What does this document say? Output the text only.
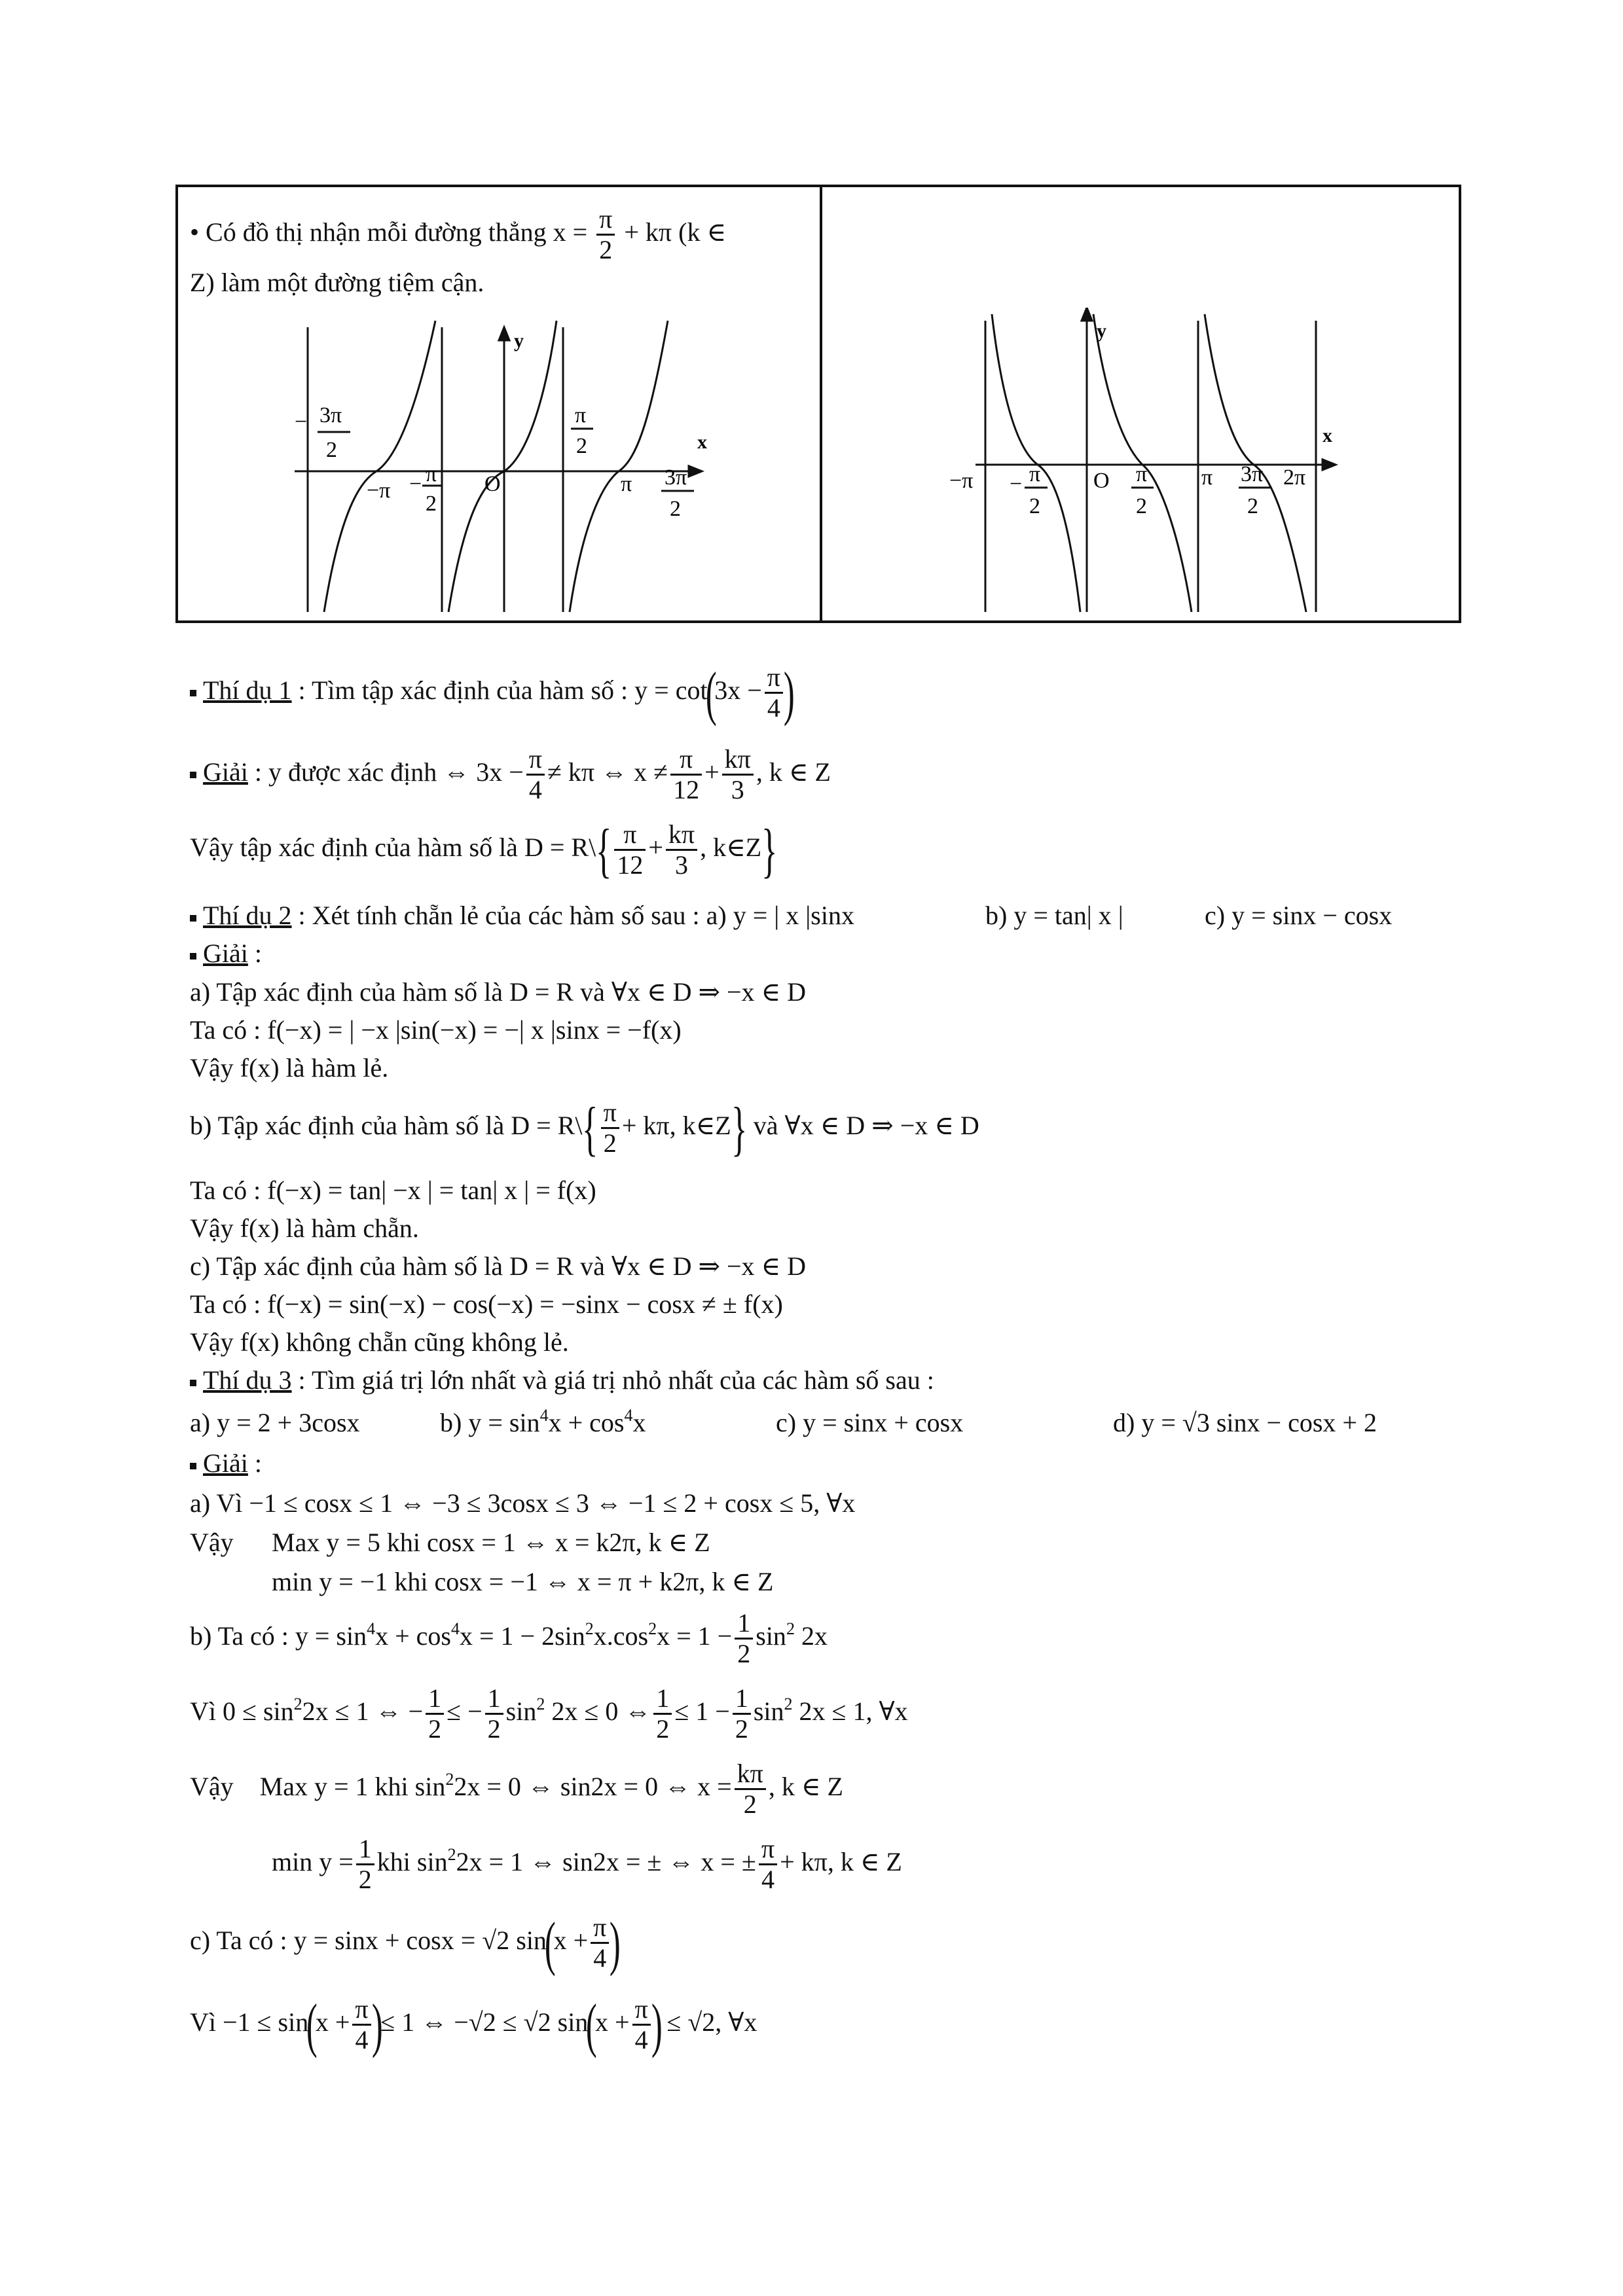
• Có đồ thị nhận mỗi đường thẳng $x = \frac{\pi}{2} + k\pi$ (k ∈
Z) làm một đường tiệm cận.
y
x
O
3π
−
2
−π − π
2
π
2
π 3π
2
y
x
O
−π − π
2
π
2
π 3π
2
2π
Thí dụ 1 : Tìm tập xác định của hàm số : $y = \cot(3x - \frac{\pi}{4}$ )
Giải : y được xác định ⇔ $3x - \frac{\pi}{4} \ne k\pi$ ⇔ $x \ne \frac{\pi}{12} + \frac{k\pi}{3}$ , k ∈ Z
Vậy tập xác định của hàm số là D = R\{ $\frac{\pi}{12} + \frac{k\pi}{3}$ , k∈Z}
Thí dụ 2 : Xét tính chẵn lẻ của các hàm số sau : a) y = | x |sinx	b) y = tan| x |	c) y = sinx − cosx
Giải :
a) Tập xác định của hàm số là D = R và ∀x ∈ D ⇒ −x ∈ D
Ta có : f(−x) = | −x |sin(−x) = −| x |sinx = −f(x)
Vậy f(x) là hàm lẻ.
b) Tập xác định của hàm số là D = R\{ $\frac{\pi}{2} + k\pi$, k∈Z} và ∀x ∈ D ⇒ −x ∈ D
Ta có : f(−x) = tan| −x | = tan| x | = f(x)
Vậy f(x) là hàm chẵn.
c) Tập xác định của hàm số là D = R và ∀x ∈ D ⇒ −x ∈ D
Ta có : f(−x) = sin(−x) − cos(−x) = −sinx − cosx ≠ ± f(x)
Vậy f(x) không chẵn cũng không lẻ.
Thí dụ 3 : Tìm giá trị lớn nhất và giá trị nhỏ nhất của các hàm số sau :
a) y = 2 + 3cosx	b) $y = \sin^4x + \cos^4x$	c) y = sinx + cosx	d) y = √3 sinx − cosx + 2
Giải :
a) Vì −1 ≤ cosx ≤ 1 ⇔ −3 ≤ 3cosx ≤ 3 ⇔ −1 ≤ 2 + cosx ≤ 5, ∀x
Vậy Max y = 5 khi cosx = 1 ⇔ x = k2π, k ∈ Z
min y = −1 khi cosx = −1 ⇔ x = π + k2π, k ∈ Z
b) Ta có : $y = \sin^4x + \cos^4x = 1 - 2\sin^2x.\cos^2x = 1 - \frac{1}{2} \sin^2 2x$
Vì $0 \le \sin^22x \le 1$ ⇔ − $\frac{1}{2}$ ≤ − $\frac{1}{2} \sin^2 2x \le 0$ ⇔ $\frac{1}{2} \le 1 - \frac{1}{2} \sin^2 2x \le 1$, ∀x
Vậy Max y = 1 khi $\sin^22x = 0$ ⇔ sin2x = 0 ⇔ $x = \frac{k\pi}{2}$ , k ∈ Z
$\min y = \frac{1}{2}$ khi $\sin^22x = 1$ ⇔ sin2x = ± ⇔ x = ± $\frac{\pi}{4} + k\pi$, k ∈ Z
c) Ta có : y = sinx + cosx = √2 $\sin(x + \frac{\pi}{4}$ )
Vì $-1 \le \sin(x + \frac{\pi}{4}$ )≤ 1 ⇔ −√2 ≤ √2 $\sin(x + \frac{\pi}{4}$ ) ≤ √2, ∀x
